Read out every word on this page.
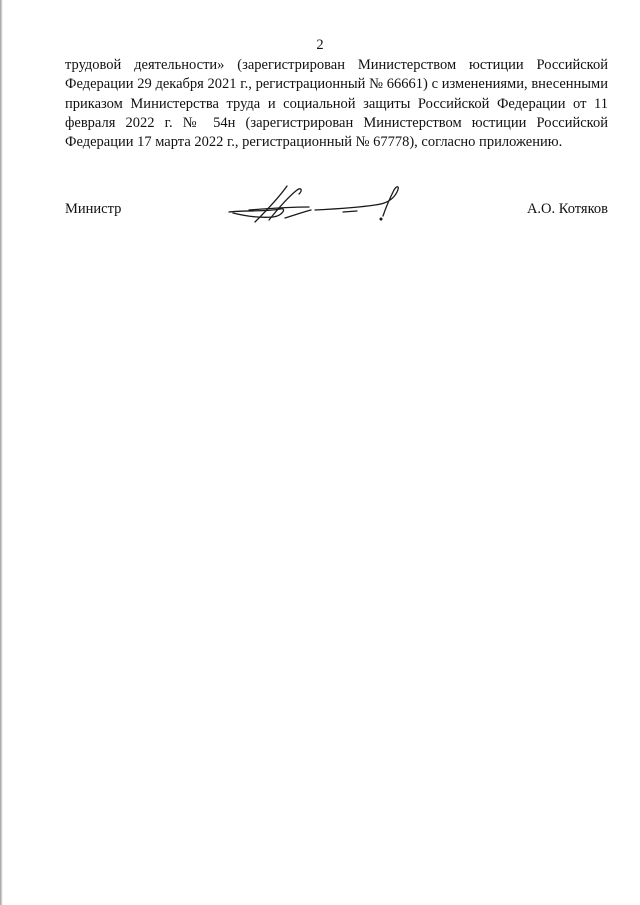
2

трудовой деятельности» (зарегистрирован Министерством юстиции Российской Федерации 29 декабря 2021 г., регистрационный № 66661) с изменениями, внесенными приказом Министерства труда и социальной защиты Российской Федерации от 11 февраля 2022 г. № 54н (зарегистрирован Министерством юстиции Российской Федерации 17 марта 2022 г., регистрационный № 67778), согласно приложению.

Министр	А.О. Котяков
